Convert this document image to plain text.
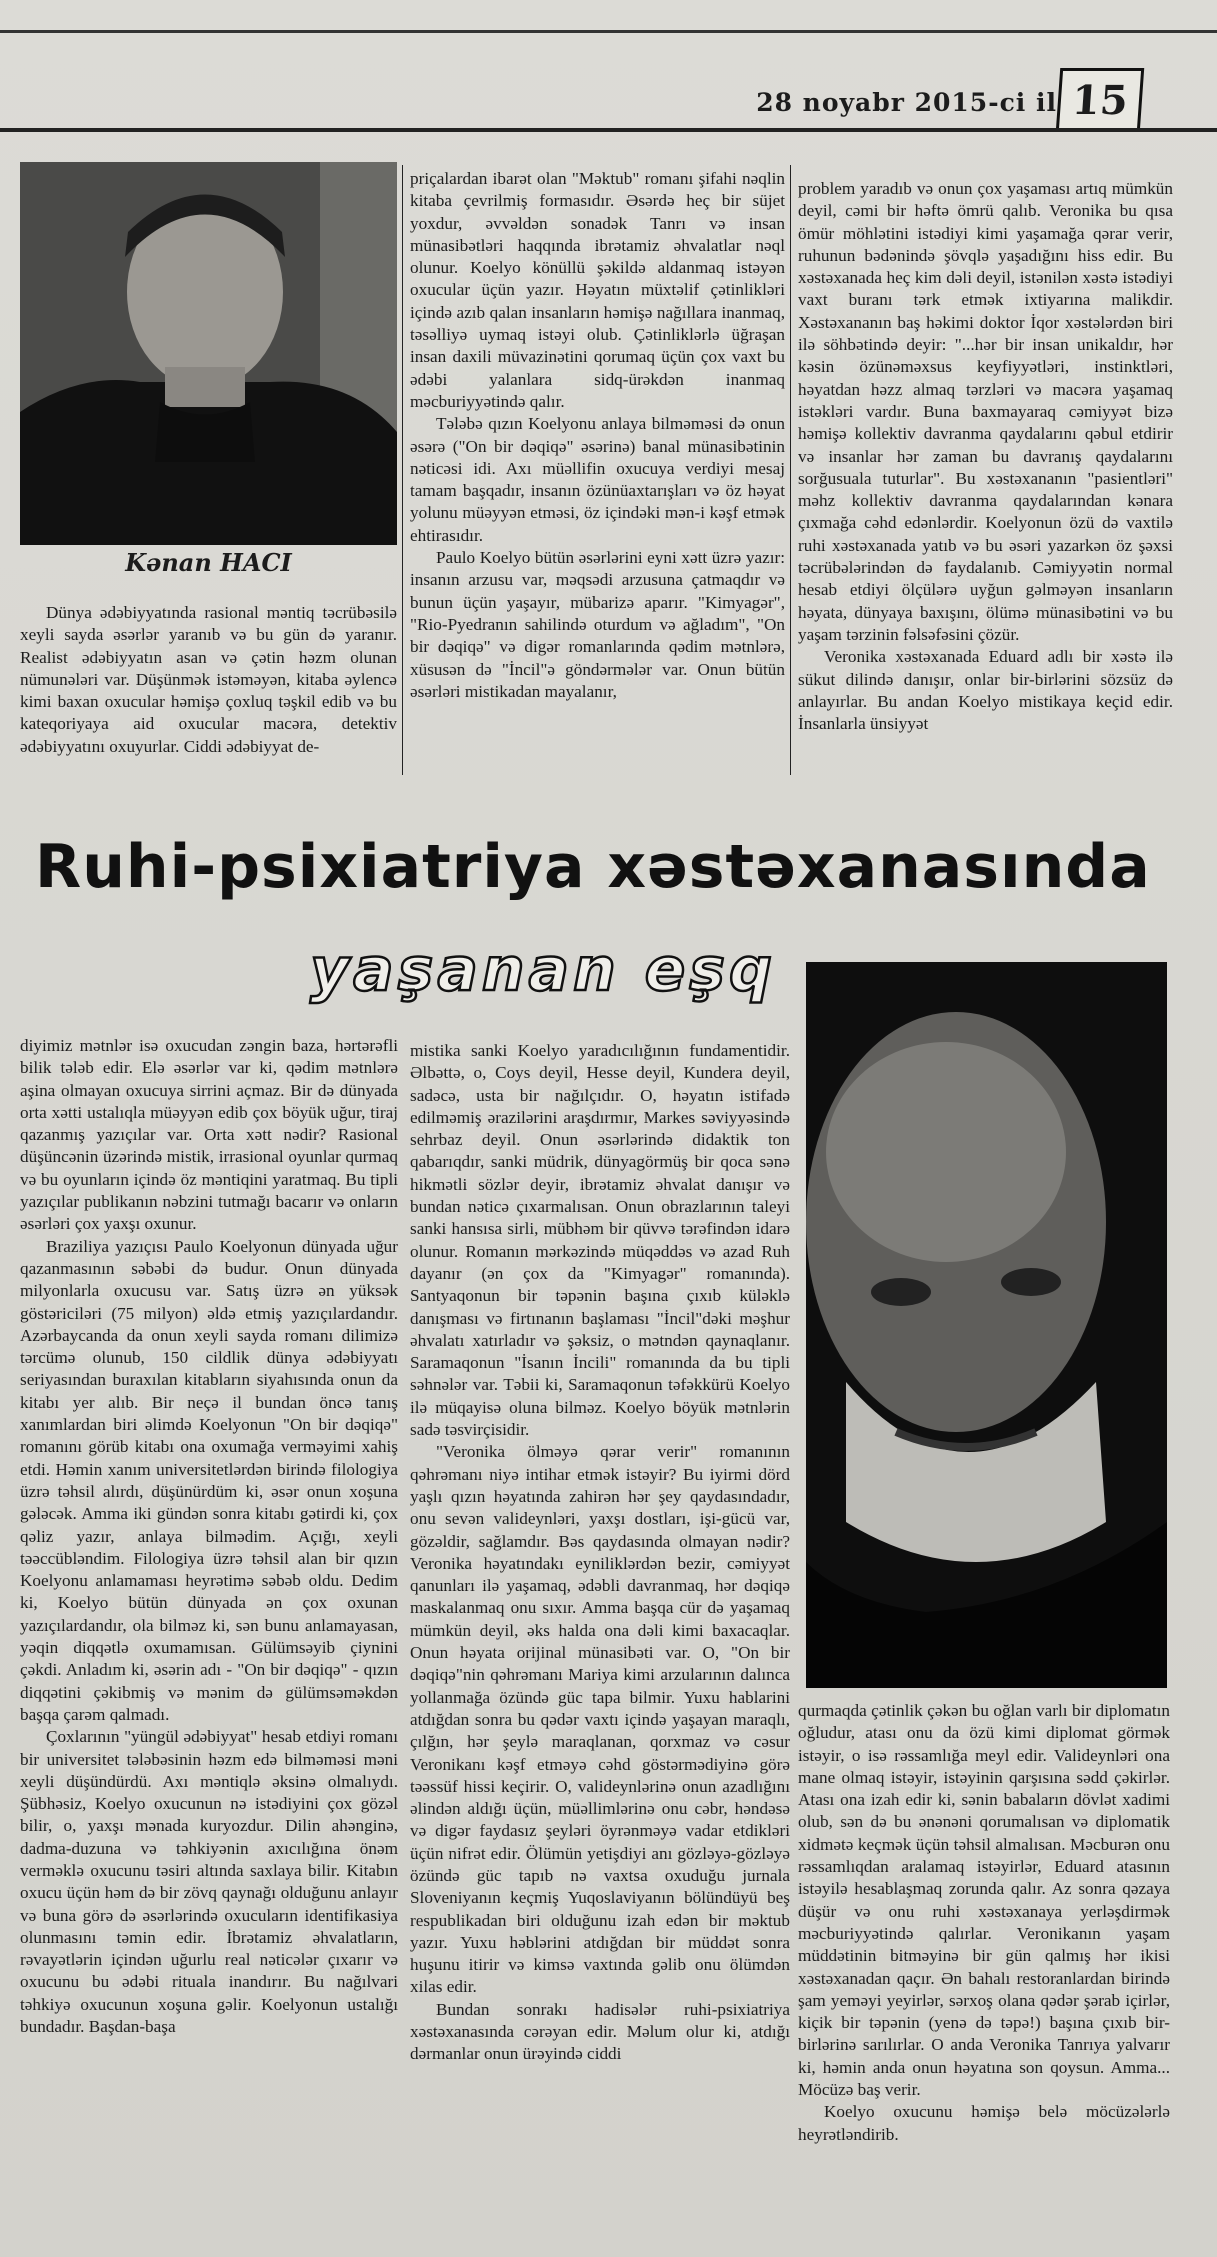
28 noyabr 2015-ci il 15
Kənan HACI

Dünya ədəbiyyatında rasional məntiq təcrübəsilə xeyli sayda əsərlər yaranıb və bu gün də yaranır. Realist ədəbiyyatın asan və çətin həzm olunan nümunələri var. Düşünmək istəməyən, kitaba əylencə kimi baxan oxucular həmişə çoxluq təşkil edib və bu kateqoriyaya aid oxucular macəra, detektiv ədəbiyyatını oxuyurlar. Ciddi ədəbiyyat de-

priçalardan ibarət olan "Məktub" romanı şifahi nəqlin kitaba çevrilmiş formasıdır. Əsərdə heç bir süjet yoxdur, əvvəldən sonadək Tanrı və insan münasibətləri haqqında ibrətamiz əhvalatlar nəql olunur. Koelyo könüllü şəkildə aldanmaq istəyən oxucular üçün yazır. Həyatın müxtəlif çətinlikləri içində azıb qalan insanların həmişə nağıllara inanmaq, təsəlliyə uymaq istəyi olub. Çətinliklərlə üğraşan insan daxili müvazinətini qorumaq üçün çox vaxt bu ədəbi yalanlara sidq-ürəkdən inanmaq məcburiyyətində qalır.

Tələbə qızın Koelyonu anlaya bilməməsi də onun əsərə ("On bir dəqiqə" əsərinə) banal münasibətinin nəticəsi idi. Axı müəllifin oxucuya verdiyi mesaj tamam başqadır, insanın özünüaxtarışları və öz həyat yolunu müəyyən etməsi, öz içindəki mən-i kəşf etmək ehtirasıdır.

Paulo Koelyo bütün əsərlərini eyni xətt üzrə yazır: insanın arzusu var, məqsədi arzusuna çatmaqdır və bunun üçün yaşayır, mübarizə aparır. "Kimyagər", "Rio-Pyedranın sahilində oturdum və ağladım", "On bir dəqiqə" və digər romanlarında qədim mətnlərə, xüsusən də "İncil"ə göndərmələr var. Onun bütün əsərləri mistikadan mayalanır,

problem yaradıb və onun çox yaşaması artıq mümkün deyil, cəmi bir həftə ömrü qalıb. Veronika bu qısa ömür möhlətini istədiyi kimi yaşamağa qərar verir, ruhunun bədənində şövqlə yaşadığını hiss edir. Bu xəstəxanada heç kim dəli deyil, istənilən xəstə istədiyi vaxt buranı tərk etmək ixtiyarına malikdir. Xəstəxananın baş həkimi doktor İqor xəstələrdən biri ilə söhbətində deyir: "...hər bir insan unikaldır, hər kəsin özünəməxsus keyfiyyətləri, instinktləri, həyatdan həzz almaq tərzləri və macəra yaşamaq istəkləri vardır. Buna baxmayaraq cəmiyyət bizə həmişə kollektiv davranma qaydalarını qəbul etdirir və insanlar hər zaman bu davranış qaydalarını sorğusuala tuturlar". Bu xəstəxananın "pasientləri" məhz kollektiv davranma qaydalarından kənara çıxmağa cəhd edənlərdir. Koelyonun özü də vaxtilə ruhi xəstəxanada yatıb və bu əsəri yazarkən öz şəxsi təcrübələrindən də faydalanıb. Cəmiyyətin normal hesab etdiyi ölçülərə uyğun gəlməyən insanların həyata, dünyaya baxışını, ölümə münasibətini və bu yaşam tərzinin fəlsəfəsini çözür.

Veronika xəstəxanada Eduard adlı bir xəstə ilə sükut dilində danışır, onlar bir-birlərini sözsüz də anlayırlar. Bu andan Koelyo mistikaya keçid edir. İnsanlarla ünsiyyət

Ruhi-psixiatriya xəstəxanasında
yaşanan eşq

diyimiz mətnlər isə oxucudan zəngin baza, hərtərəfli bilik tələb edir. Elə əsərlər var ki, qədim mətnlərə aşina olmayan oxucuya sirrini açmaz. Bir də dünyada orta xətti ustalıqla müəyyən edib çox böyük uğur, tiraj qazanmış yazıçılar var. Orta xətt nədir? Rasional düşüncənin üzərində mistik, irrasional oyunlar qurmaq və bu oyunların içində öz məntiqini yaratmaq. Bu tipli yazıçılar publikanın nəbzini tutmağı bacarır və onların əsərləri çox yaxşı oxunur.

Braziliya yazıçısı Paulo Koelyonun dünyada uğur qazanmasının səbəbi də budur. Onun dünyada milyonlarla oxucusu var. Satış üzrə ən yüksək göstəriciləri (75 milyon) əldə etmiş yazıçılardandır. Azərbaycanda da onun xeyli sayda romanı dilimizə tərcümə olunub, 150 cildlik dünya ədəbiyyatı seriyasından buraxılan kitabların siyahısında onun da kitabı yer alıb. Bir neçə il bundan öncə tanış xanımlardan biri əlimdə Koelyonun "On bir dəqiqə" romanını görüb kitabı ona oxumağa verməyimi xahiş etdi. Həmin xanım universitetlərdən birində filologiya üzrə təhsil alırdı, düşünürdüm ki, əsər onun xoşuna gələcək. Amma iki gündən sonra kitabı gətirdi ki, çox qəliz yazır, anlaya bilmədim. Açığı, xeyli təəccübləndim. Filologiya üzrə təhsil alan bir qızın Koelyonu anlamaması heyrətimə səbəb oldu. Dedim ki, Koelyo bütün dünyada ən çox oxunan yazıçılardandır, ola bilməz ki, sən bunu anlamayasan, yəqin diqqətlə oxumamısan. Gülümsəyib çiynini çəkdi. Anladım ki, əsərin adı - "On bir dəqiqə" - qızın diqqətini çəkibmiş və mənim də gülümsəməkdən başqa çarəm qalmadı.

Çoxlarının "yüngül ədəbiyyat" hesab etdiyi romanı bir universitet tələbəsinin həzm edə bilməməsi məni xeyli düşündürdü. Axı məntiqlə əksinə olmalıydı. Şübhəsiz, Koelyo oxucunun nə istədiyini çox gözəl bilir, o, yaxşı mənada kuryozdur. Dilin ahənginə, dadma-duzuna və təhkiyənin axıcılığına önəm verməklə oxucunu təsiri altında saxlaya bilir. Kitabın oxucu üçün həm də bir zövq qaynağı olduğunu anlayır və buna görə də əsərlərində oxucuların identifikasiya olunmasını təmin edir. İbrətamiz əhvalatların, rəvayətlərin içindən uğurlu real nəticələr çıxarır və oxucunu bu ədəbi rituala inandırır. Bu nağılvari təhkiyə oxucunun xoşuna gəlir. Koelyonun ustalığı bundadır. Başdan-başa

mistika sanki Koelyo yaradıcılığının fundamentidir. Əlbəttə, o, Coys deyil, Hesse deyil, Kundera deyil, sadəcə, usta bir nağılçıdır. O, həyatın istifadə edilməmiş ərazilərini araşdırmır, Markes səviyyəsində sehrbaz deyil. Onun əsərlərində didaktik ton qabarıqdır, sanki müdrik, dünyagörmüş bir qoca sənə hikmətli sözlər deyir, ibrətamiz əhvalat danışır və bundan nəticə çıxarmalısan. Onun obrazlarının taleyi sanki hansısa sirli, mübhəm bir qüvvə tərəfindən idarə olunur. Romanın mərkəzində müqəddəs və azad Ruh dayanır (ən çox da "Kimyagər" romanında). Santyaqonun bir təpənin başına çıxıb küləklə danışması və firtınanın başlaması "İncil"dəki məşhur əhvalatı xatırladır və şəksiz, o mətndən qaynaqlanır. Saramaqonun "İsanın İncili" romanında da bu tipli səhnələr var. Təbii ki, Saramaqonun təfəkkürü Koelyo ilə müqayisə oluna bilməz. Koelyo böyük mətnlərin sadə təsvirçisidir.

"Veronika ölməyə qərar verir" romanının qəhrəmanı niyə intihar etmək istəyir? Bu iyirmi dörd yaşlı qızın həyatında zahirən hər şey qaydasındadır, onu sevən valideynləri, yaxşı dostları, işi-gücü var, gözəldir, sağlamdır. Bəs qaydasında olmayan nədir? Veronika həyatındakı eyniliklərdən bezir, cəmiyyət qanunları ilə yaşamaq, ədəbli davranmaq, hər dəqiqə maskalanmaq onu sıxır. Amma başqa cür də yaşamaq mümkün deyil, əks halda ona dəli kimi baxacaqlar. Onun həyata orijinal münasibəti var. O, "On bir dəqiqə"nin qəhrəmanı Mariya kimi arzularının dalınca yollanmağa özündə güc tapa bilmir. Yuxu hablarini atdığdan sonra bu qədər vaxtı içində yaşayan maraqlı, çılğın, hər şeylə maraqlanan, qorxmaz və cəsur Veronikanı kəşf etməyə cəhd göstərmədiyinə görə təəssüf hissi keçirir. O, valideynlərinə onun azadlığını əlindən aldığı üçün, müəllimlərinə onu cəbr, həndəsə və digər faydasız şeyləri öyrənməyə vadar etdikləri üçün nifrət edir. Ölümün yetişdiyi anı gözləyə-gözləyə özündə güc tapıb nə vaxtsa oxuduğu jurnala Sloveniyanın keçmiş Yuqoslaviyanın bölündüyü beş respublikadan biri olduğunu izah edən bir məktub yazır. Yuxu həblərini atdığdan bir müddət sonra huşunu itirir və kimsə vaxtında gəlib onu ölümdən xilas edir.

Bundan sonrakı hadisələr ruhi-psixiatriya xəstəxanasında cərəyan edir. Məlum olur ki, atdığı dərmanlar onun ürəyində ciddi

qurmaqda çətinlik çəkən bu oğlan varlı bir diplomatın oğludur, atası onu da özü kimi diplomat görmək istəyir, o isə rəssamlığa meyl edir. Valideynləri ona mane olmaq istəyir, istəyinin qarşısına sədd çəkirlər. Atası ona izah edir ki, sənin babaların dövlət xadimi olub, sən də bu ənənəni qorumalısan və diplomatik xidmətə keçmək üçün təhsil almalısan. Məcburən onu rəssamlıqdan aralamaq istəyirlər, Eduard atasının istəyilə hesablaşmaq zorunda qalır. Az sonra qəzaya düşür və onu ruhi xəstəxanaya yerləşdirmək məcburiyyətində qalırlar. Veronikanın yaşam müddətinin bitməyinə bir gün qalmış hər ikisi xəstəxanadan qaçır. Ən bahalı restoranlardan birində şam yeməyi yeyirlər, sərxoş olana qədər şərab içirlər, kiçik bir təpənin (yenə də təpə!) başına çıxıb bir-birlərinə sarılırlar. O anda Veronika Tanrıya yalvarır ki, həmin anda onun həyatına son qoysun. Amma... Möcüzə baş verir.

Koelyo oxucunu həmişə belə möcüzələrlə heyrətləndirib.
